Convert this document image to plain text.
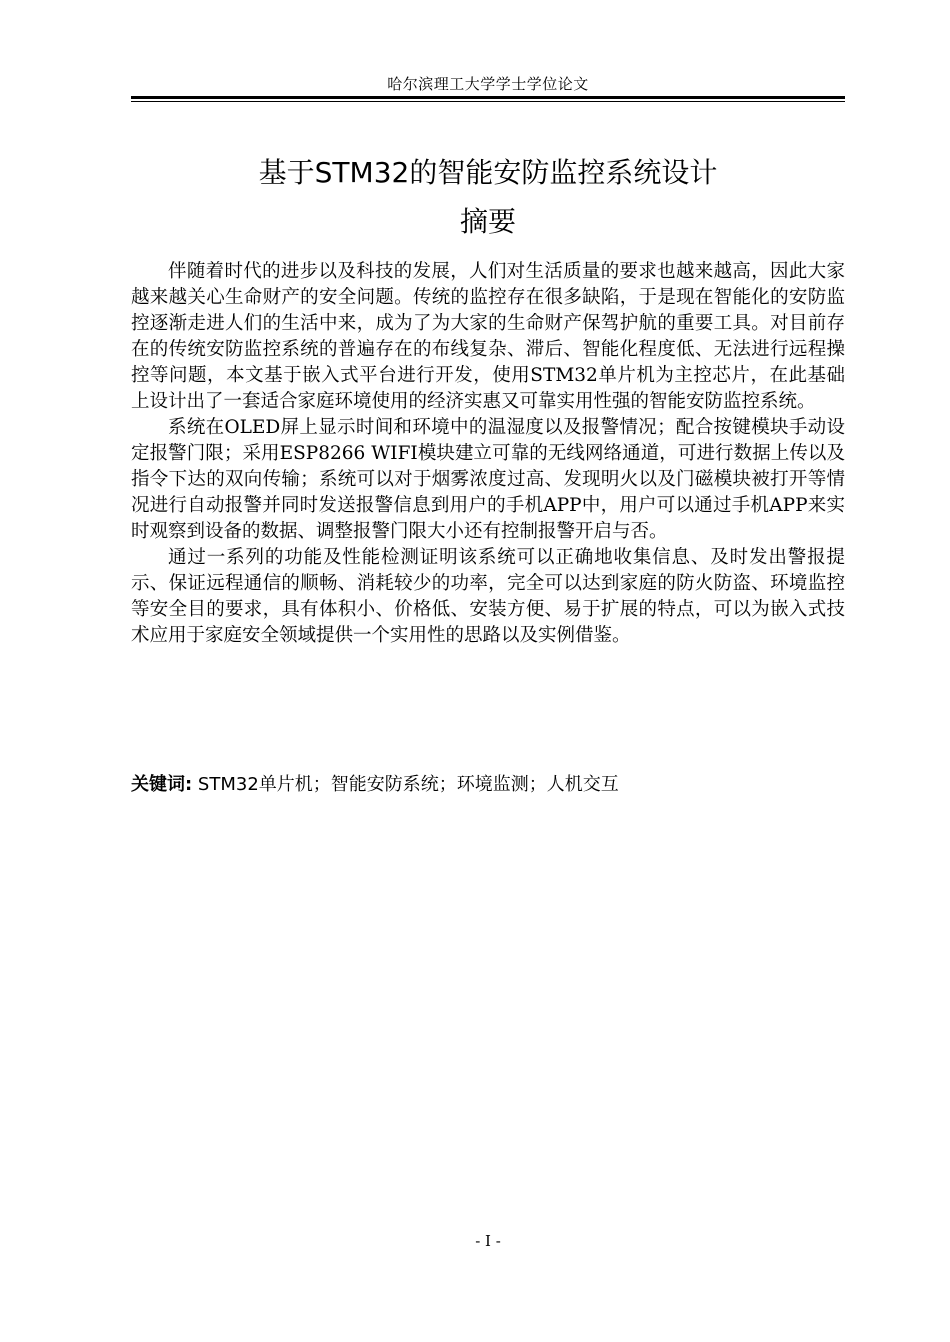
哈尔滨理工大学学士学位论文
基于STM32的智能安防监控系统设计
摘要

伴随着时代的进步以及科技的发展，人们对生活质量的要求也越来越高，因此大家越来越关心生命财产的安全问题。传统的监控存在很多缺陷，于是现在智能化的安防监控逐渐走进人们的生活中来，成为了为大家的生命财产保驾护航的重要工具。对目前存在的传统安防监控系统的普遍存在的布线复杂、滞后、智能化程度低、无法进行远程操控等问题，本文基于嵌入式平台进行开发，使用STM32单片机为主控芯片，在此基础上设计出了一套适合家庭环境使用的经济实惠又可靠实用性强的智能安防监控系统。

系统在OLED屏上显示时间和环境中的温湿度以及报警情况；配合按键模块手动设定报警门限；采用ESP8266 WIFI模块建立可靠的无线网络通道，可进行数据上传以及指令下达的双向传输；系统可以对于烟雾浓度过高、发现明火以及门磁模块被打开等情况进行自动报警并同时发送报警信息到用户的手机APP中，用户可以通过手机APP来实时观察到设备的数据、调整报警门限大小还有控制报警开启与否。

通过一系列的功能及性能检测证明该系统可以正确地收集信息、及时发出警报提示、保证远程通信的顺畅、消耗较少的功率，完全可以达到家庭的防火防盗、环境监控等安全目的要求，具有体积小、价格低、安装方便、易于扩展的特点，可以为嵌入式技术应用于家庭安全领域提供一个实用性的思路以及实例借鉴。

关键词: STM32单片机；智能安防系统；环境监测；人机交互
- I -
